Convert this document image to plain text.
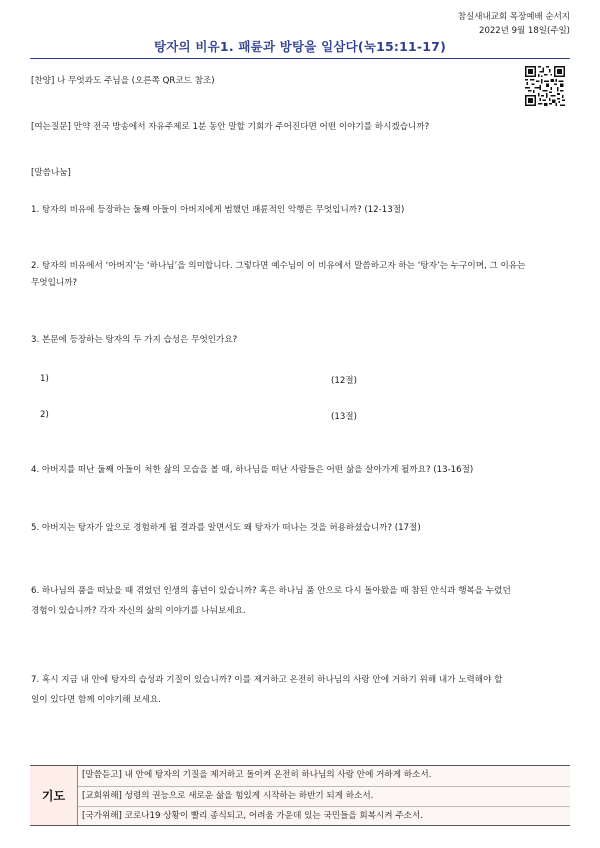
참실새내교회 목장예배 순서지
2022년 9월 18일(주일)
탕자의 비유1. 패륜과 방탕을 일삼다(눅15:11-17)
[찬양] 나 무엇과도 주님을 (오른쪽 QR코드 참조)
[여는질문] 만약 전국 방송에서 자유주제로 1분 동안 말할 기회가 주어진다면 어떤 이야기를 하시겠습니까?
[말씀나눔]
1. 탕자의 비유에 등장하는 둘째 아들이 아버지에게 범했던 패륜적인 악행은 무엇입니까? (12-13절)
2. 탕자의 비유에서 ‘아버지’는 ‘하나님’을 의미합니다. 그렇다면 예수님이 이 비유에서 말씀하고자 하는 ‘탕자’는 누구이며, 그 이유는
무엇입니까?
3. 본문에 등장하는 탕자의 두 가지 습성은 무엇인가요?
1)	(12절)
2)	(13절)
4. 아버지를 떠난 둘째 아들이 처한 삶의 모습을 볼 때, 하나님을 떠난 사람들은 어떤 삶을 살아가게 될까요? (13-16절)
5. 아버지는 탕자가 앞으로 경험하게 될 결과를 알면서도 왜 탕자가 떠나는 것을 허용하셨습니까? (17절)
6. 하나님의 품을 떠났을 때 겪었던 인생의 흉년이 있습니까? 혹은 하나님 품 안으로 다시 돌아왔을 때 참된 안식과 행복을 누렸던
경험이 있습니까? 각자 자신의 삶의 이야기를 나눠보세요.
7. 혹시 지금 내 안에 탕자의 습성과 기질이 있습니까? 이를 제거하고 온전히 하나님의 사랑 안에 거하기 위해 내가 노력해야 할
일이 있다면 함께 이야기해 보세요.
기도
[말씀듣고] 내 안에 탕자의 기질을 제거하고 돌이켜 온전히 하나님의 사랑 안에 거하게 하소서.
[교회위해] 성령의 권능으로 새로운 삶을 힘있게 시작하는 하반기 되게 하소서.
[국가위해] 코로나19 상황이 빨리 종식되고, 어려움 가운데 있는 국민들을 회복시켜 주소서.
